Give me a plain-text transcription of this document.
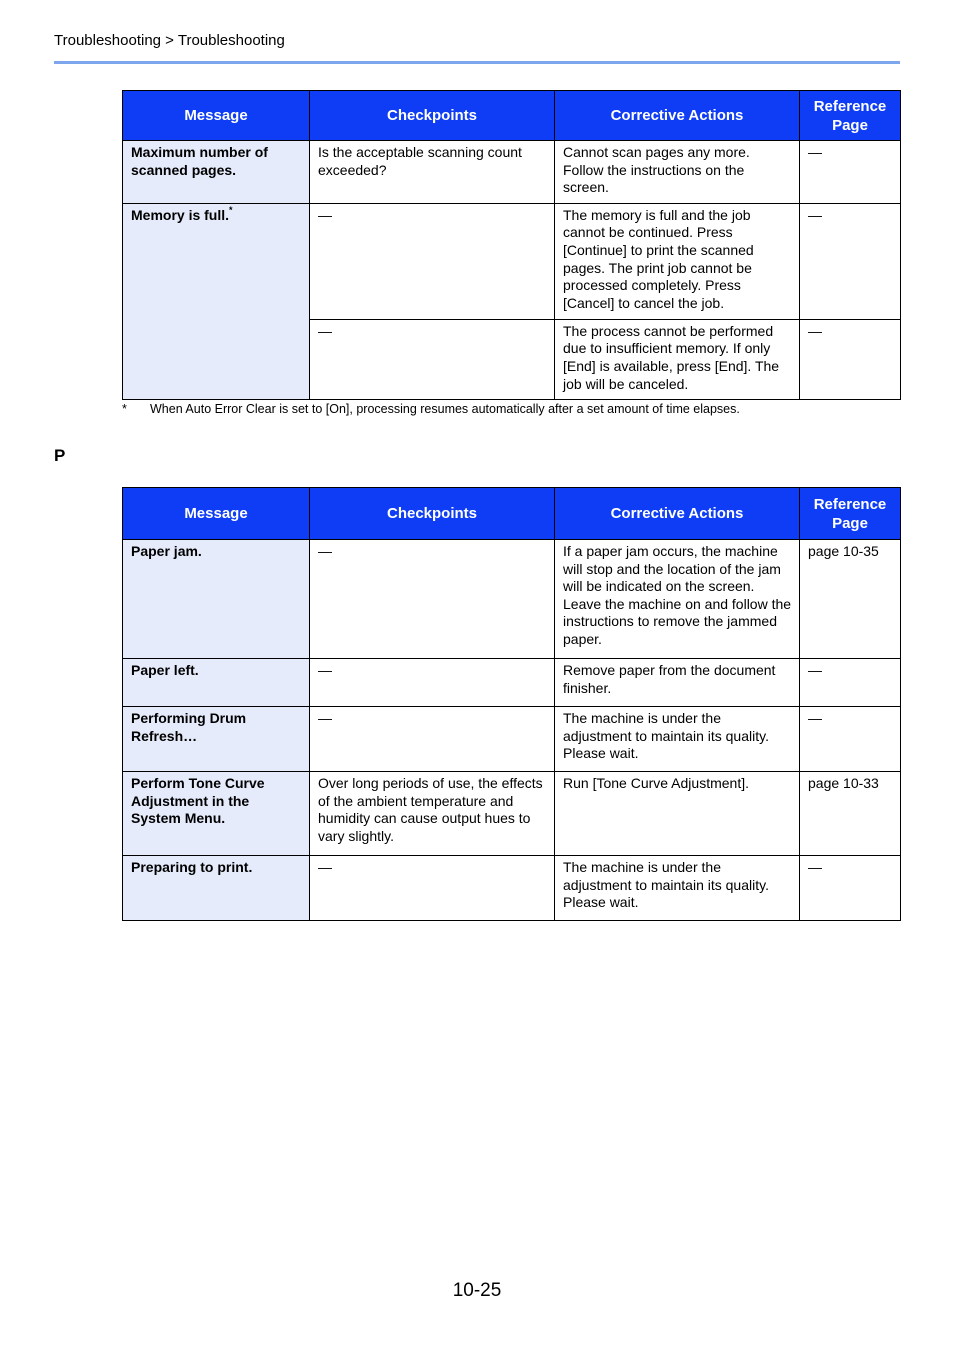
Troubleshooting > Troubleshooting
Message	Checkpoints	Corrective Actions	Reference Page
Maximum number of scanned pages.	Is the acceptable scanning count exceeded?	Cannot scan pages any more. Follow the instructions on the screen.	—
Memory is full.*	—	The memory is full and the job cannot be continued. Press [Continue] to print the scanned pages. The print job cannot be processed completely. Press [Cancel] to cancel the job.	—
	—	The process cannot be performed due to insufficient memory. If only [End] is available, press [End]. The job will be canceled.	—
* When Auto Error Clear is set to [On], processing resumes automatically after a set amount of time elapses.
P
Message	Checkpoints	Corrective Actions	Reference Page
Paper jam.	—	If a paper jam occurs, the machine will stop and the location of the jam will be indicated on the screen. Leave the machine on and follow the instructions to remove the jammed paper.	page 10-35
Paper left.	—	Remove paper from the document finisher.	—
Performing Drum Refresh…	—	The machine is under the adjustment to maintain its quality. Please wait.	—
Perform Tone Curve Adjustment in the System Menu.	Over long periods of use, the effects of the ambient temperature and humidity can cause output hues to vary slightly.	Run [Tone Curve Adjustment].	page 10-33
Preparing to print.	—	The machine is under the adjustment to maintain its quality. Please wait.	—
10-25
